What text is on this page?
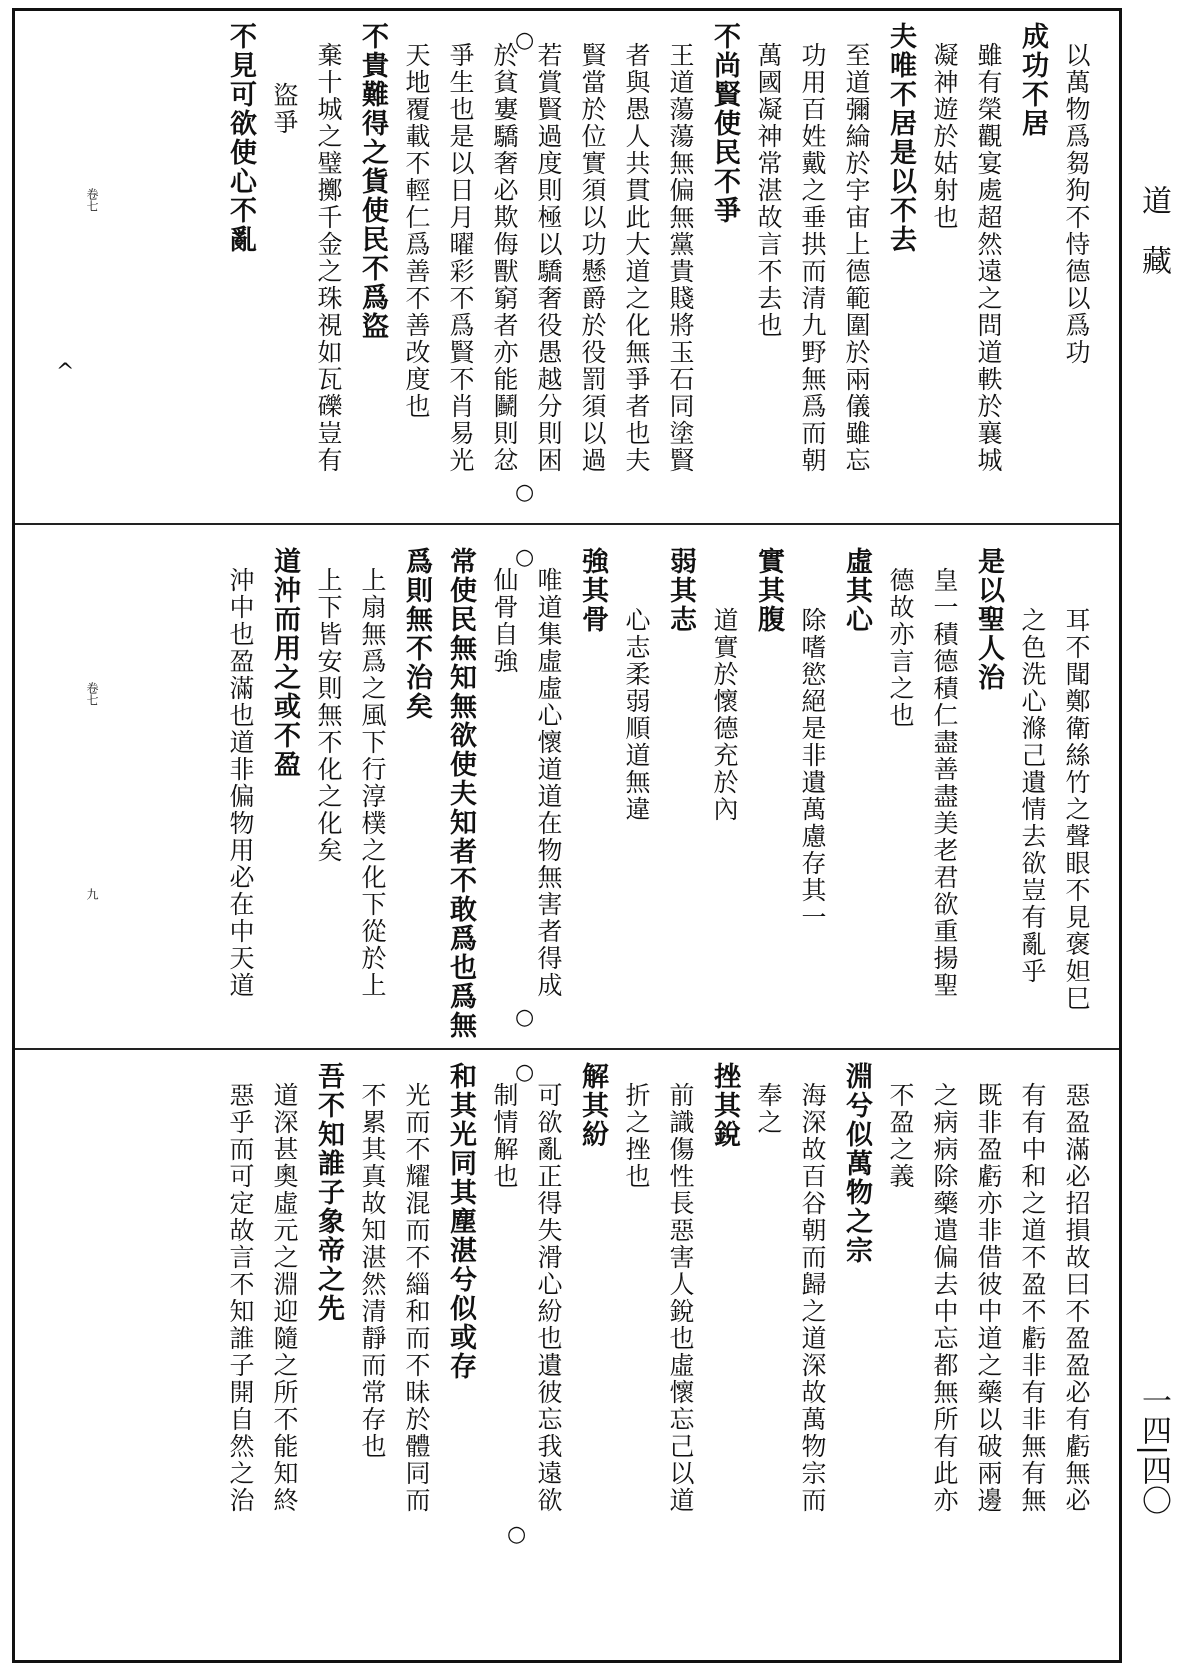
道　藏
一四|四〇
以萬物爲芻狗不恃德以爲功
成功不居
雖有榮觀宴處超然遠之問道軼於襄城
凝神遊於姑射也
夫唯不居是以不去
至道彌綸於宇宙上德範圍於兩儀雖忘
功用百姓戴之垂拱而清九野無爲而朝
萬國凝神常湛故言不去也
不尚賢使民不爭
王道蕩蕩無偏無黨貴賤將玉石同塗賢
者與愚人共貫此大道之化無爭者也夫
賢當於位實須以功懸爵於役罰須以過
若賞賢過度則極以驕奢役愚越分則困
於貧寠驕奢必欺侮獸窮者亦能鬭則忿
爭生也是以日月曜彩不爲賢不肖易光
天地覆載不輕仁爲善不善改度也
不貴難得之貨使民不爲盜
棄十城之璧擲千金之珠視如瓦礫豈有
盜爭
不見可欲使心不亂
耳不聞鄭衛絲竹之聲眼不見褒妲巳
之色洗心滌己遺情去欲豈有亂乎
是以聖人治
皇一積德積仁盡善盡美老君欲重揚聖
德故亦言之也
虛其心
除嗜慾絕是非遺萬慮存其一
實其腹
道實於懷德充於內
弱其志
心志柔弱順道無違
強其骨
唯道集虛虛心懷道道在物無害者得成
仙骨自強
常使民無知無欲使夫知者不敢爲也爲無
爲則無不治矣
上扇無爲之風下行淳樸之化下從於上
上下皆安則無不化之化矣
道沖而用之或不盈
沖中也盈滿也道非偏物用必在中天道
惡盈滿必招損故曰不盈盈必有虧無必
有有中和之道不盈不虧非有非無有無
既非盈虧亦非借彼中道之藥以破兩邊
之病病除藥遣偏去中忘都無所有此亦
不盈之義
淵兮似萬物之宗
海深故百谷朝而歸之道深故萬物宗而
奉之
挫其銳
前識傷性長惡害人銳也虛懷忘己以道
折之挫也
解其紛
可欲亂正得失滑心紛也遺彼忘我遠欲
制情解也
和其光同其塵湛兮似或存
光而不耀混而不緇和而不昧於體同而
不累其真故知湛然清靜而常存也
吾不知誰子象帝之先
道深甚奧虛元之淵迎隨之所不能知終
惡乎而可定故言不知誰子開自然之治
○
○
○
○
○
○
^
卷七
卷七
九
